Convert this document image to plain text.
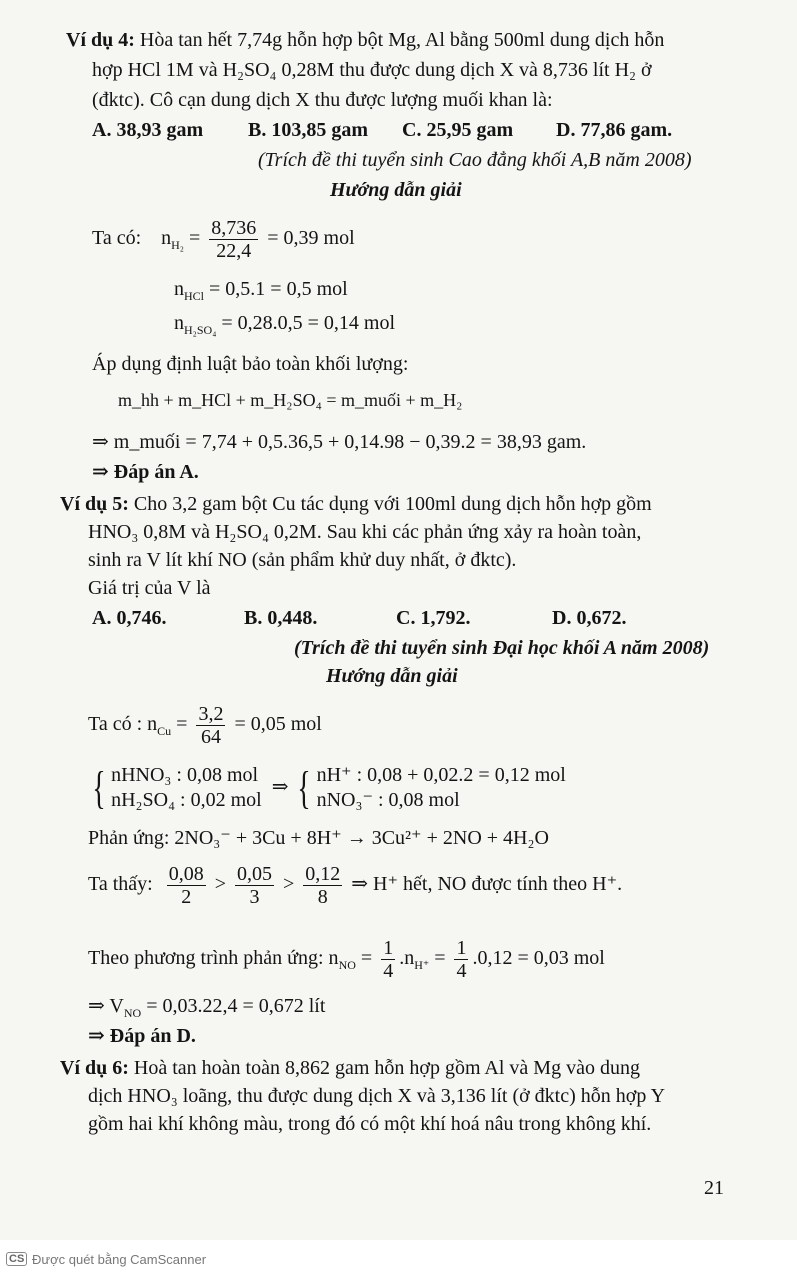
Ví dụ 4: Hòa tan hết 7,74g hỗn hợp bột Mg, Al bằng 500ml dung dịch hỗn
hợp HCl 1M và H₂SO₄ 0,28M thu được dung dịch X và 8,736 lít H₂ ở
(đktc). Cô cạn dung dịch X thu được lượng muối khan là:
A. 38,93 gam B. 103,85 gam C. 25,95 gam D. 77,86 gam.
(Trích đề thi tuyển sinh Cao đẳng khối A,B năm 2008)
Hướng dẫn giải
Ta có: $n_{H_2} = \frac{8,736}{22,4} = 0,39$ mol
$n_{HCl} = 0,5.1 = 0,5$ mol
$n_{H_2SO_4} = 0,28.0,5 = 0,14$ mol
Áp dụng định luật bảo toàn khối lượng:
m_hh + m_HCl + m_H₂SO₄ = m_muối + m_H₂
⇒ m_muối = 7,74 + 0,5.36,5 + 0,14.98 − 0,39.2 = 38,93 gam.
⇒ Đáp án A.
Ví dụ 5: Cho 3,2 gam bột Cu tác dụng với 100ml dung dịch hỗn hợp gồm
HNO₃ 0,8M và H₂SO₄ 0,2M. Sau khi các phản ứng xảy ra hoàn toàn,
sinh ra V lít khí NO (sản phẩm khử duy nhất, ở đktc).
Giá trị của V là
A. 0,746.	B. 0,448.	C. 1,792.	D. 0,672.
(Trích đề thi tuyển sinh Đại học khối A năm 2008)
Hướng dẫn giải
Ta có : $n_{Cu} = \frac{3,2}{64} = 0,05$ mol
{ nHNO₃ : 0,08 mol
nH₂SO₄ : 0,02 mol
⇒ { nH⁺ : 0,08 + 0,02.2 = 0,12 mol
nNO₃⁻ : 0,08 mol
Phản ứng: 2NO₃⁻ + 3Cu + 8H⁺ → 3Cu²⁺ + 2NO + 4H₂O
Ta thấy: $\frac{0,08}{2} > \frac{0,05}{3} > \frac{0,12}{8}$ ⇒ H⁺ hết, NO được tính theo H⁺.
Theo phương trình phản ứng: $n_{NO} = \frac{1}{4} .n_{H^+} = \frac{1}{4} .0,12 = 0,03$ mol
⇒ $V_{NO} = 0,03.22,4 = 0,672$ lít
⇒ Đáp án D.
Ví dụ 6: Hoà tan hoàn toàn 8,862 gam hỗn hợp gồm Al và Mg vào dung
dịch HNO₃ loãng, thu được dung dịch X và 3,136 lít (ở đktc) hỗn hợp Y
gồm hai khí không màu, trong đó có một khí hoá nâu trong không khí.
21
CS Được quét bằng CamScanner
